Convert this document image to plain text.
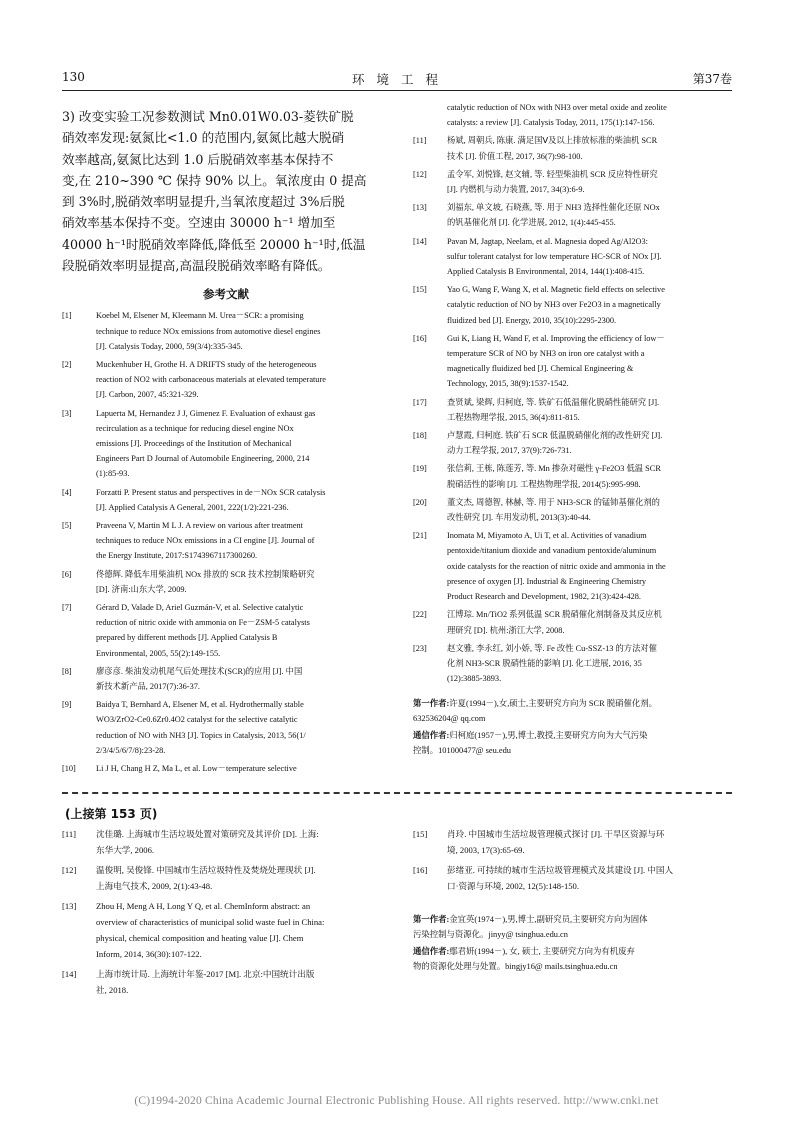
130	环 境 工 程	第37卷
3) 改变实验工况参数测试 Mn0.01W0.03-菱铁矿脱
硝效率发现:氨氮比<1.0 的范围内,氨氮比越大脱硝
效率越高,氨氮比达到 1.0 后脱硝效率基本保持不
变,在 210~390 ℃ 保持 90% 以上。氧浓度由 0 提高
到 3%时,脱硝效率明显提升,当氧浓度超过 3%后脱
硝效率基本保持不变。空速由 30000 h⁻¹ 增加至
40000 h⁻¹时脱硝效率降低,降低至 20000 h⁻¹时,低温
段脱硝效率明显提高,高温段脱硝效率略有降低。
参考文献
[1]	Koebel M, Elsener M, Kleemann M. Urea－SCR: a promising
technique to reduce NOx emissions from automotive diesel engines
[J]. Catalysis Today, 2000, 59(3/4):335-345.
[2]	Muckenhuber H, Grothe H. A DRIFTS study of the heterogeneous
reaction of NO2 with carbonaceous materials at elevated temperature
[J]. Carbon, 2007, 45:321-329.
[3]	Lapuerta M, Hernandez J J, Gimenez F. Evaluation of exhaust gas
recirculation as a technique for reducing diesel engine NOx
emissions [J]. Proceedings of the Institution of Mechanical
Engineers Part D Journal of Automobile Engineering, 2000, 214
(1):85-93.
[4]	Forzatti P. Present status and perspectives in de－NOx SCR catalysis
[J]. Applied Catalysis A General, 2001, 222(1/2):221-236.
[5]	Praveena V, Martin M L J. A review on various after treatment
techniques to reduce NOx emissions in a CI engine [J]. Journal of
the Energy Institute, 2017:S1743967117300260.
[6]	佟德辉. 降低车用柴油机 NOx 排放的 SCR 技术控制策略研究
[D]. 济南:山东大学, 2009.
[7]	Gérard D, Valade D, Ariel Guzmán-V, et al. Selective catalytic
reduction of nitric oxide with ammonia on Fe－ZSM-5 catalysts
prepared by different methods [J]. Applied Catalysis B
Environmental, 2005, 55(2):149-155.
[8]	廖彦彦. 柴油发动机尾气后处理技术(SCR)的应用 [J]. 中国
新技术新产品, 2017(7):36-37.
[9]	Baidya T, Bernhard A, Elsener M, et al. Hydrothermally stable
WO3/ZrO2-Ce0.6Zr0.4O2 catalyst for the selective catalytic
reduction of NO with NH3 [J]. Topics in Catalysis, 2013, 56(1/
2/3/4/5/6/7/8):23-28.
[10]	Li J H, Chang H Z, Ma L, et al. Low－temperature selective
catalytic reduction of NOx with NH3 over metal oxide and zeolite
catalysts: a review [J]. Catalysis Today, 2011, 175(1):147-156.
[11]	杨斌, 周朝兵, 陈康. 满足国Ⅴ及以上排放标准的柴油机 SCR
技术 [J]. 价值工程, 2017, 36(7):98-100.
[12]	孟令军, 刘悦锋, 赵文辅, 等. 轻型柴油机 SCR 反应特性研究
[J]. 内燃机与动力装置, 2017, 34(3):6-9.
[13]	刘福东, 单文坡, 石晓燕, 等. 用于 NH3 选择性催化还原 NOx
的钒基催化剂 [J]. 化学进展, 2012, 1(4):445-455.
[14]	Pavan M, Jagtap, Neelam, et al. Magnesia doped Ag/Al2O3:
sulfur tolerant catalyst for low temperature HC-SCR of NOx [J].
Applied Catalysis B Environmental, 2014, 144(1):408-415.
[15]	Yao G, Wang F, Wang X, et al. Magnetic field effects on selective
catalytic reduction of NO by NH3 over Fe2O3 in a magnetically
fluidized bed [J]. Energy, 2010, 35(10):2295-2300.
[16]	Gui K, Liang H, Wand F, et al. Improving the efficiency of low－
temperature SCR of NO by NH3 on iron ore catalyst with a
magnetically fluidized bed [J]. Chemical Engineering &
Technology, 2015, 38(9):1537-1542.
[17]	查贤斌, 梁辉, 归柯庭, 等. 铁矿石低温催化脱硝性能研究 [J].
工程热物理学报, 2015, 36(4):811-815.
[18]	卢慧霞, 归柯庭. 铁矿石 SCR 低温脱硝催化剂的改性研究 [J].
动力工程学报, 2017, 37(9):726-731.
[19]	张信莉, 王栋, 陈莲芳, 等. Mn 掺杂对磁性 γ-Fe2O3 低温 SCR
脱硝活性的影响 [J]. 工程热物理学报, 2014(5):995-998.
[20]	董文杰, 周德智, 林赫, 等. 用于 NH3-SCR 的锰铈基催化剂的
改性研究 [J]. 车用发动机, 2013(3):40-44.
[21]	Inomata M, Miyamoto A, Ui T, et al. Activities of vanadium
pentoxide/titanium dioxide and vanadium pentoxide/aluminum
oxide catalysts for the reaction of nitric oxide and ammonia in the
presence of oxygen [J]. Industrial & Engineering Chemistry
Product Research and Development, 1982, 21(3):424-428.
[22]	江博琮. Mn/TiO2 系列低温 SCR 脱硝催化剂制备及其反应机
理研究 [D]. 杭州:浙江大学, 2008.
[23]	赵文雅, 李永红, 刘小娇, 等. Fe 改性 Cu-SSZ-13 的方法对催
化剂 NH3-SCR 脱硝性能的影响 [J]. 化工进展, 2016, 35
(12):3885-3893.

第一作者:许夏(1994－),女,硕士,主要研究方向为 SCR 脱硝催化剂。
632536204@ qq.com

通信作者:归柯庭(1957－),男,博士,教授,主要研究方向为大气污染
控制。101000477@ seu.edu

(上接第 153 页)
[11]	沈佳璐. 上海城市生活垃圾处置对策研究及其评价 [D]. 上海:
东华大学, 2006.
[12]	温俊明, 吴俊锋. 中国城市生活垃圾特性及焚烧处理现状 [J].
上海电气技术, 2009, 2(1):43-48.
[13]	Zhou H, Meng A H, Long Y Q, et al. ChemInform abstract: an
overview of characteristics of municipal solid waste fuel in China:
physical, chemical composition and heating value [J]. Chem
Inform, 2014, 36(30):107-122.
[14]	上海市统计局. 上海统计年鉴-2017 [M]. 北京:中国统计出版
社, 2018.
[15]	肖玲. 中国城市生活垃圾管理模式探讨 [J]. 干旱区资源与环
境, 2003, 17(3):65-69.
[16]	彭绪亚. 可持续的城市生活垃圾管理模式及其建设 [J]. 中国人
口·资源与环境, 2002, 12(5):148-150.

第一作者:金宜英(1974－),男,博士,副研究员,主要研究方向为固体
污染控制与资源化。jinyy@ tsinghua.edu.cn

通信作者:鄢君妍(1994－), 女, 硕士, 主要研究方向为有机废弃
物的资源化处理与处置。bingjy16@ mails.tsinghua.edu.cn

(C)1994-2020 China Academic Journal Electronic Publishing House. All rights reserved. http://www.cnki.net
